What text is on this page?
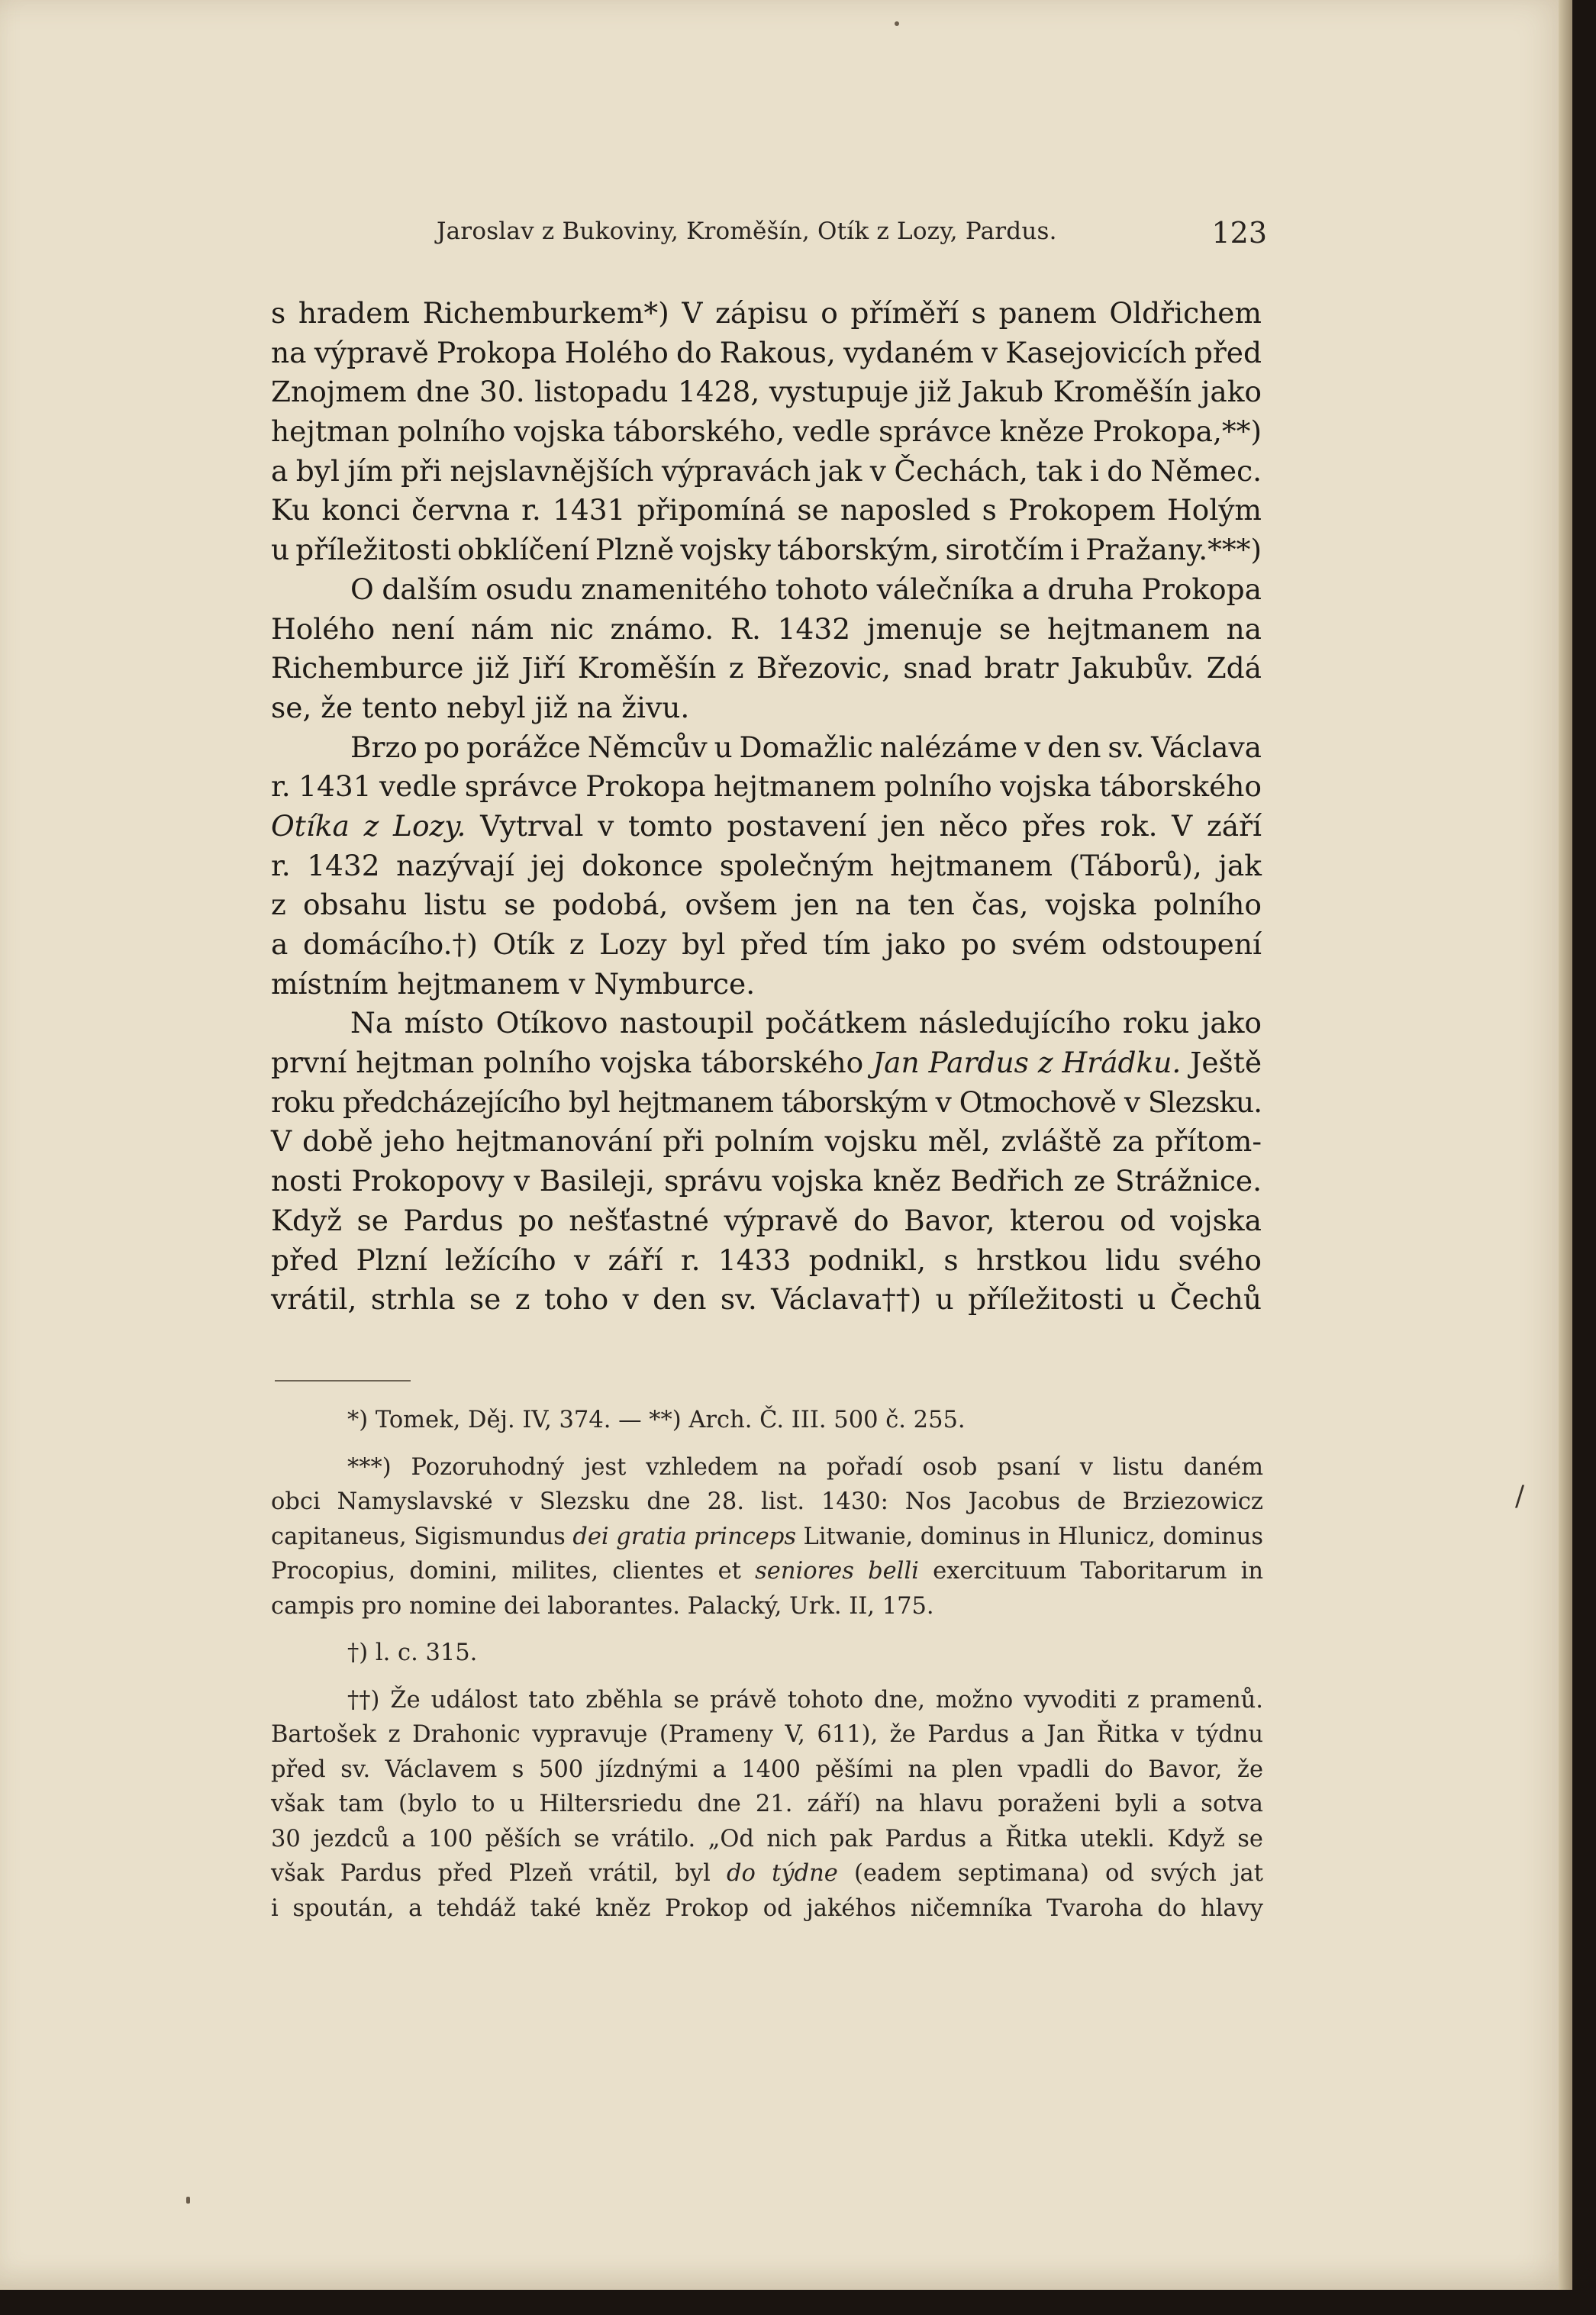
Jaroslav z Bukoviny, Kroměšín, Otík z Lozy, Pardus.	123
s hradem Richemburkem*) V zápisu o příměří s panem Oldřichem
na výpravě Prokopa Holého do Rakous, vydaném v Kasejovicích před
Znojmem dne 30. listopadu 1428, vystupuje již Jakub Kroměšín jako
hejtman polního vojska táborského, vedle správce kněze Prokopa,**)
a byl jím při nejslavnějších výpravách jak v Čechách, tak i do Němec.
Ku konci června r. 1431 připomíná se naposled s Prokopem Holým
u příležitosti obklíčení Plzně vojsky táborským, sirotčím i Pražany.***)
O dalším osudu znamenitého tohoto válečníka a druha Prokopa
Holého není nám nic známo. R. 1432 jmenuje se hejtmanem na
Richemburce již Jiří Kroměšín z Březovic, snad bratr Jakubův. Zdá
se, že tento nebyl již na živu.
Brzo po porážce Němcův u Domažlic nalézáme v den sv. Václava
r. 1431 vedle správce Prokopa hejtmanem polního vojska táborského
Otíka z Lozy. Vytrval v tomto postavení jen něco přes rok. V září
r. 1432 nazývají jej dokonce společným hejtmanem (Táborů), jak
z obsahu listu se podobá, ovšem jen na ten čas, vojska polního
a domácího.†) Otík z Lozy byl před tím jako po svém odstoupení
místním hejtmanem v Nymburce.
Na místo Otíkovo nastoupil počátkem následujícího roku jako
první hejtman polního vojska táborského Jan Pardus z Hrádku. Ještě
roku předcházejícího byl hejtmanem táborským v Otmochově v Slezsku.
V době jeho hejtmanování při polním vojsku měl, zvláště za přítom-
nosti Prokopovy v Basileji, správu vojska kněz Bedřich ze Strážnice.
Když se Pardus po nešťastné výpravě do Bavor, kterou od vojska
před Plzní ležícího v září r. 1433 podnikl, s hrstkou lidu svého
vrátil, strhla se z toho v den sv. Václava††) u příležitosti u Čechů
*) Tomek, Děj. IV, 374. — **) Arch. Č. III. 500 č. 255.
***) Pozoruhodný jest vzhledem na pořadí osob psaní v listu daném
obci Namyslavské v Slezsku dne 28. list. 1430: Nos Jacobus de Brziezowicz
capitaneus, Sigismundus dei gratia princeps Litwanie, dominus in Hlunicz, dominus
Procopius, domini, milites, clientes et seniores belli exercituum Taboritarum in
campis pro nomine dei laborantes. Palacký, Urk. II, 175.
†) l. c. 315.
††) Že událost tato zběhla se právě tohoto dne, možno vyvoditi z pramenů.
Bartošek z Drahonic vypravuje (Prameny V, 611), že Pardus a Jan Řitka v týdnu
před sv. Václavem s 500 jízdnými a 1400 pěšími na plen vpadli do Bavor, že
však tam (bylo to u Hiltersriedu dne 21. září) na hlavu poraženi byli a sotva
30 jezdců a 100 pěších se vrátilo. „Od nich pak Pardus a Řitka utekli. Když se
však Pardus před Plzeň vrátil, byl do týdne (eadem septimana) od svých jat
i spoután, a tehdáž také kněz Prokop od jakéhos ničemníka Tvaroha do hlavy
/
